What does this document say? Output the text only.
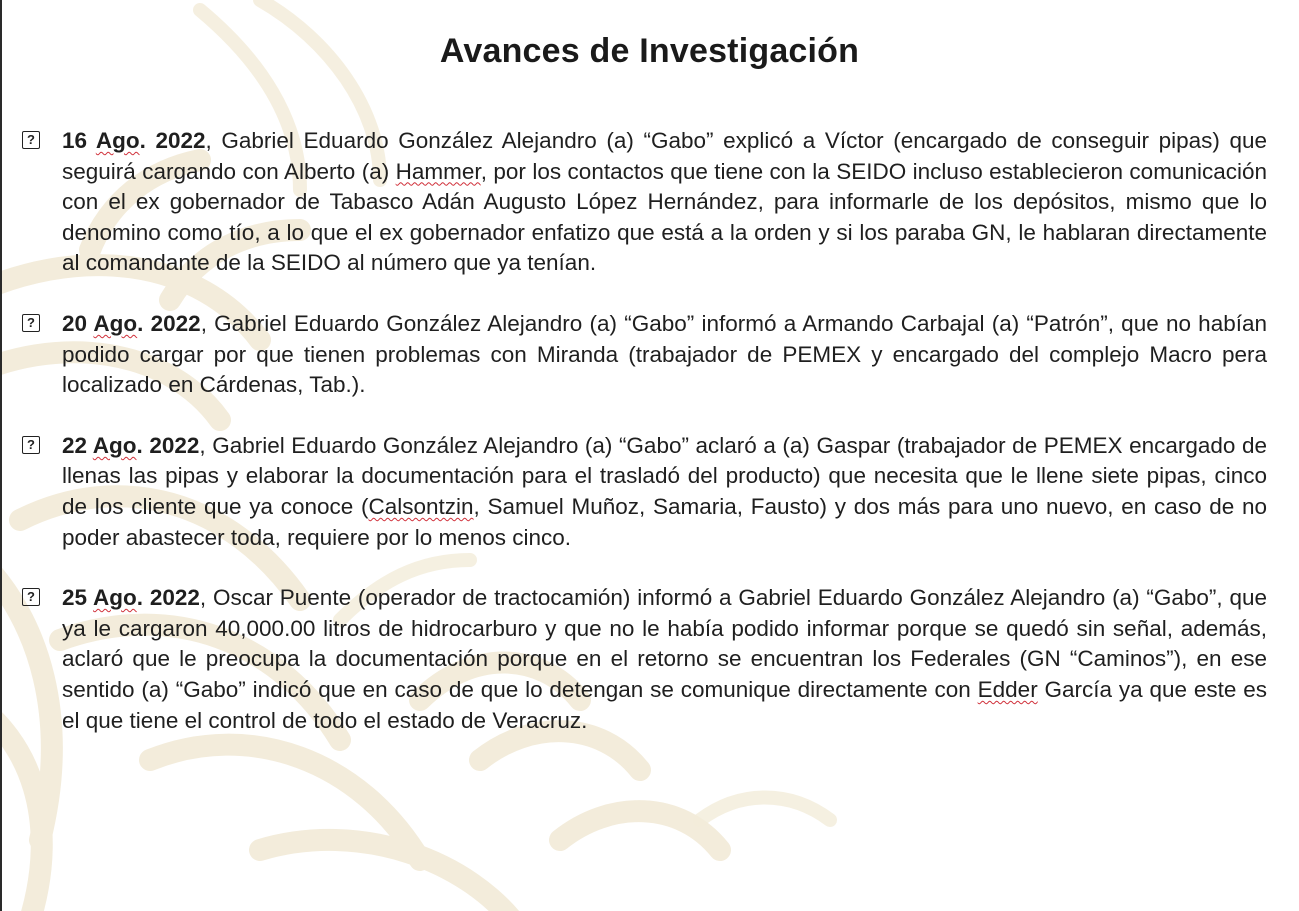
Avances de Investigación
? 16 Ago. 2022, Gabriel Eduardo González Alejandro (a) “Gabo” explicó a Víctor (encargado de conseguir pipas) que seguirá cargando con Alberto (a) Hammer, por los contactos que tiene con la SEIDO incluso establecieron comunicación con el ex gobernador de Tabasco Adán Augusto López Hernández, para informarle de los depósitos, mismo que lo denomino como tío, a lo que el ex gobernador enfatizo que está a la orden y si los paraba GN, le hablaran directamente al comandante de la SEIDO al número que ya tenían.
? 20 Ago. 2022, Gabriel Eduardo González Alejandro (a) “Gabo” informó a Armando Carbajal (a) “Patrón”, que no habían podido cargar por que tienen problemas con Miranda (trabajador de PEMEX y encargado del complejo Macro pera localizado en Cárdenas, Tab.).
? 22 Ago. 2022, Gabriel Eduardo González Alejandro (a) “Gabo” aclaró a (a) Gaspar (trabajador de PEMEX encargado de llenas las pipas y elaborar la documentación para el trasladó del producto) que necesita que le llene siete pipas, cinco de los cliente que ya conoce (Calsontzin, Samuel Muñoz, Samaria, Fausto) y dos más para uno nuevo, en caso de no poder abastecer toda, requiere por lo menos cinco.
? 25 Ago. 2022, Oscar Puente (operador de tractocamión) informó a Gabriel Eduardo González Alejandro (a) “Gabo”, que ya le cargaron 40,000.00 litros de hidrocarburo y que no le había podido informar porque se quedó sin señal, además, aclaró que le preocupa la documentación porque en el retorno se encuentran los Federales (GN “Caminos”), en ese sentido (a) “Gabo” indicó que en caso de que lo detengan se comunique directamente con Edder García ya que este es el que tiene el control de todo el estado de Veracruz.
